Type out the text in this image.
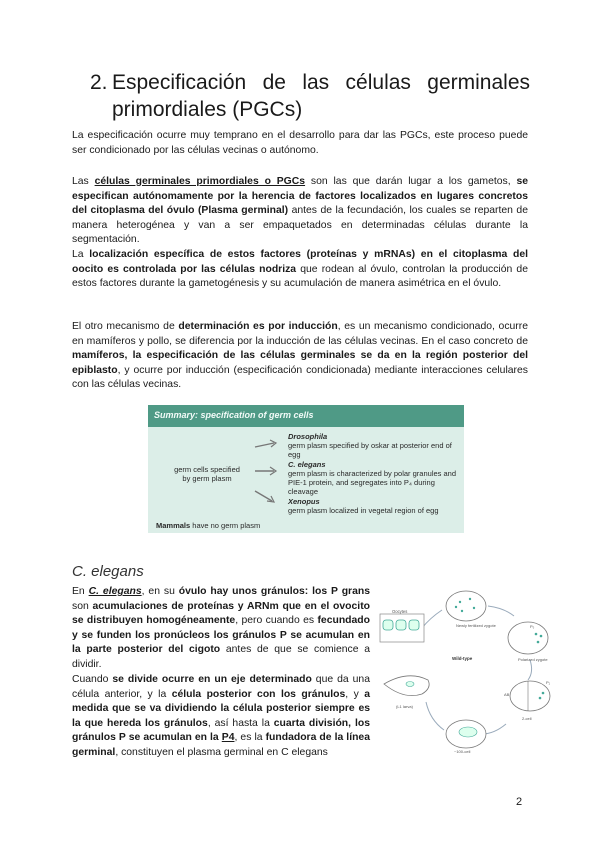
2. Especificación de las células germinales
primordiales (PGCs)

La especificación ocurre muy temprano en el desarrollo para dar las PGCs, este proceso puede ser condicionado por las células vecinas o autónomo.

Las células germinales primordiales o PGCs son las que darán lugar a los gametos, se especifican autónomamente por la herencia de factores localizados en lugares concretos del citoplasma del óvulo (Plasma germinal) antes de la fecundación, los cuales se reparten de manera heterogénea y van a ser empaquetados en determinadas células durante la segmentación.

La localización específica de estos factores (proteínas y mRNAs) en el citoplasma del oocito es controlada por las células nodriza que rodean al óvulo, controlan la producción de estos factores durante la gametogénesis y su acumulación de manera asimétrica en el óvulo.

El otro mecanismo de determinación es por inducción, es un mecanismo condicionado, ocurre en mamíferos y pollo, se diferencia por la inducción de las células vecinas. En el caso concreto de mamíferos, la especificación de las células germinales se da en la región posterior del epiblasto, y ocurre por inducción (especificación condicionada) mediante interacciones celulares con las células vecinas.

Summary: specification of germ cells
germ cells specified
by germ plasm
Drosophila
germ plasm specified by oskar at posterior end of egg
C. elegans
germ plasm is characterized by polar granules and
PIE-1 protein, and segregates into P₄ during cleavage
Xenopus
germ plasm localized in vegetal region of egg
Mammals have no germ plasm
C. elegans

En C. elegans, en su óvulo hay unos gránulos: los P grans son acumulaciones de proteínas y ARNm que en el ovocito se distribuyen homogéneamente, pero cuando es fecundado y se funden los pronúcleos los gránulos P se acumulan en la parte posterior del cigoto antes de que se comience a dividir.

Cuando se divide ocurre en un eje determinado que da una célula anterior, y la célula posterior con los gránulos, y a medida que se va dividiendo la célula posterior siempre es la que hereda los gránulos, así hasta la cuarta división, los gránulos P se acumulan en la P4, es la fundadora de la línea germinal, constituyen el plasma germinal en C elegans

Newly fertilized zygote
Oocytes
P₀
Polarized zygote
Wild-type
AB
P₁
2-cell
~100-cell
(L1 larva)
2
